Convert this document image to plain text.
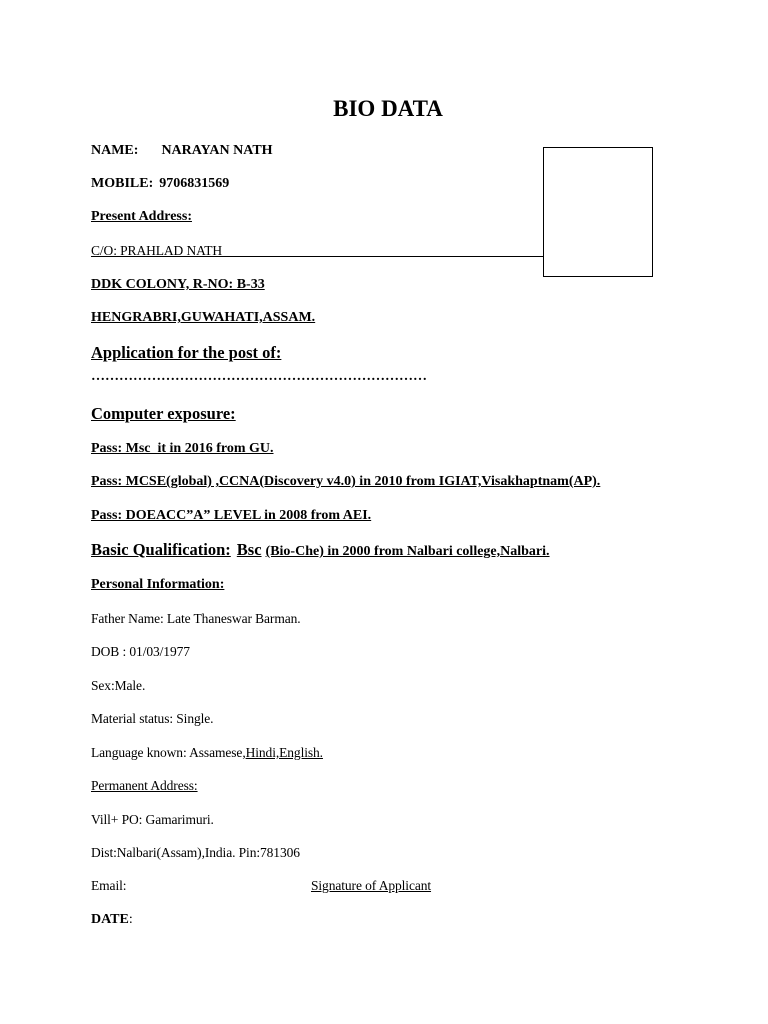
BIO DATA
NAME: NARAYAN NATH
MOBILE: 9706831569
Present Address:
C/O: PRAHLAD NATH
DDK COLONY, R-NO: B-33
HENGRABRI,GUWAHATI,ASSAM.
Application for the post of:
………………………………………………………………
Computer exposure:
Pass: Msc_it in 2016 from GU.
Pass: MCSE(global) ,CCNA(Discovery v4.0) in 2010 from IGIAT,Visakhaptnam(AP).
Pass: DOEACC”A” LEVEL in 2008 from AEI.
Basic Qualification: Bsc (Bio-Che) in 2000 from Nalbari college,Nalbari.
Personal Information:
Father Name: Late Thaneswar Barman.
DOB : 01/03/1977
Sex:Male.
Material status: Single.
Language known: Assamese,Hindi,English.
Permanent Address:
Vill+ PO: Gamarimuri.
Dist:Nalbari(Assam),India. Pin:781306
Email:	Signature of Applicant
DATE:
